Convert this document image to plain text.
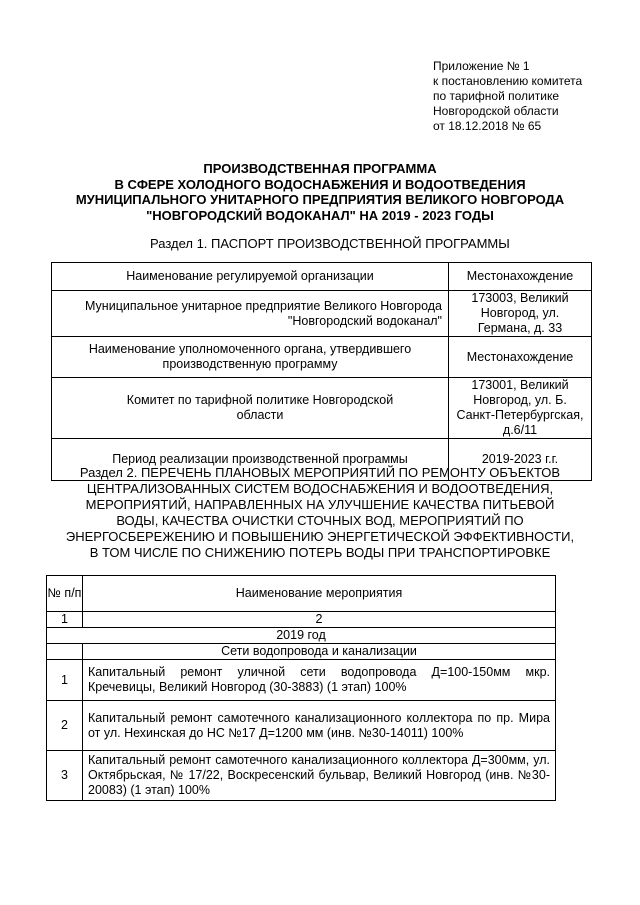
Приложение № 1
к постановлению комитета
по тарифной политике
Новгородской области
от 18.12.2018 № 65
ПРОИЗВОДСТВЕННАЯ ПРОГРАММА
В СФЕРЕ ХОЛОДНОГО ВОДОСНАБЖЕНИЯ И ВОДООТВЕДЕНИЯ
МУНИЦИПАЛЬНОГО УНИТАРНОГО ПРЕДПРИЯТИЯ ВЕЛИКОГО НОВГОРОДА
"НОВГОРОДСКИЙ ВОДОКАНАЛ" НА 2019 - 2023 ГОДЫ
Раздел 1. ПАСПОРТ ПРОИЗВОДСТВЕННОЙ ПРОГРАММЫ
Наименование регулируемой организации	Местонахождение
Муниципальное унитарное предприятие Великого Новгорода "Новгородский водоканал"	173003, Великий Новгород, ул. Германа, д. 33
Наименование уполномоченного органа, утвердившего производственную программу	Местонахождение
Комитет по тарифной политике Новгородской области	173001, Великий Новгород, ул. Б. Санкт-Петербургская, д.6/11
Период реализации производственной программы	2019-2023 г.г.
Раздел 2. ПЕРЕЧЕНЬ ПЛАНОВЫХ МЕРОПРИЯТИЙ ПО РЕМОНТУ ОБЪЕКТОВ
ЦЕНТРАЛИЗОВАННЫХ СИСТЕМ ВОДОСНАБЖЕНИЯ И ВОДООТВЕДЕНИЯ,
МЕРОПРИЯТИЙ, НАПРАВЛЕННЫХ НА УЛУЧШЕНИЕ КАЧЕСТВА ПИТЬЕВОЙ
ВОДЫ, КАЧЕСТВА ОЧИСТКИ СТОЧНЫХ ВОД, МЕРОПРИЯТИЙ ПО
ЭНЕРГОСБЕРЕЖЕНИЮ И ПОВЫШЕНИЮ ЭНЕРГЕТИЧЕСКОЙ ЭФФЕКТИВНОСТИ,
В ТОМ ЧИСЛЕ ПО СНИЖЕНИЮ ПОТЕРЬ ВОДЫ ПРИ ТРАНСПОРТИРОВКЕ
№ п/п	Наименование мероприятия
1	2
2019 год	
	Сети водопровода и канализации
1	Капитальный ремонт уличной сети водопровода Д=100-150мм мкр. Кречевицы, Великий Новгород (30-3883) (1 этап) 100%
2	Капитальный ремонт самотечного канализационного коллектора по пр. Мира от ул. Нехинская до НС №17 Д=1200 мм (инв. №30-14011) 100%
3	Капитальный ремонт самотечного канализационного коллектора Д=300мм, ул. Октябрьская, № 17/22, Воскресенский бульвар, Великий Новгород (инв. №30-20083) (1 этап) 100%
